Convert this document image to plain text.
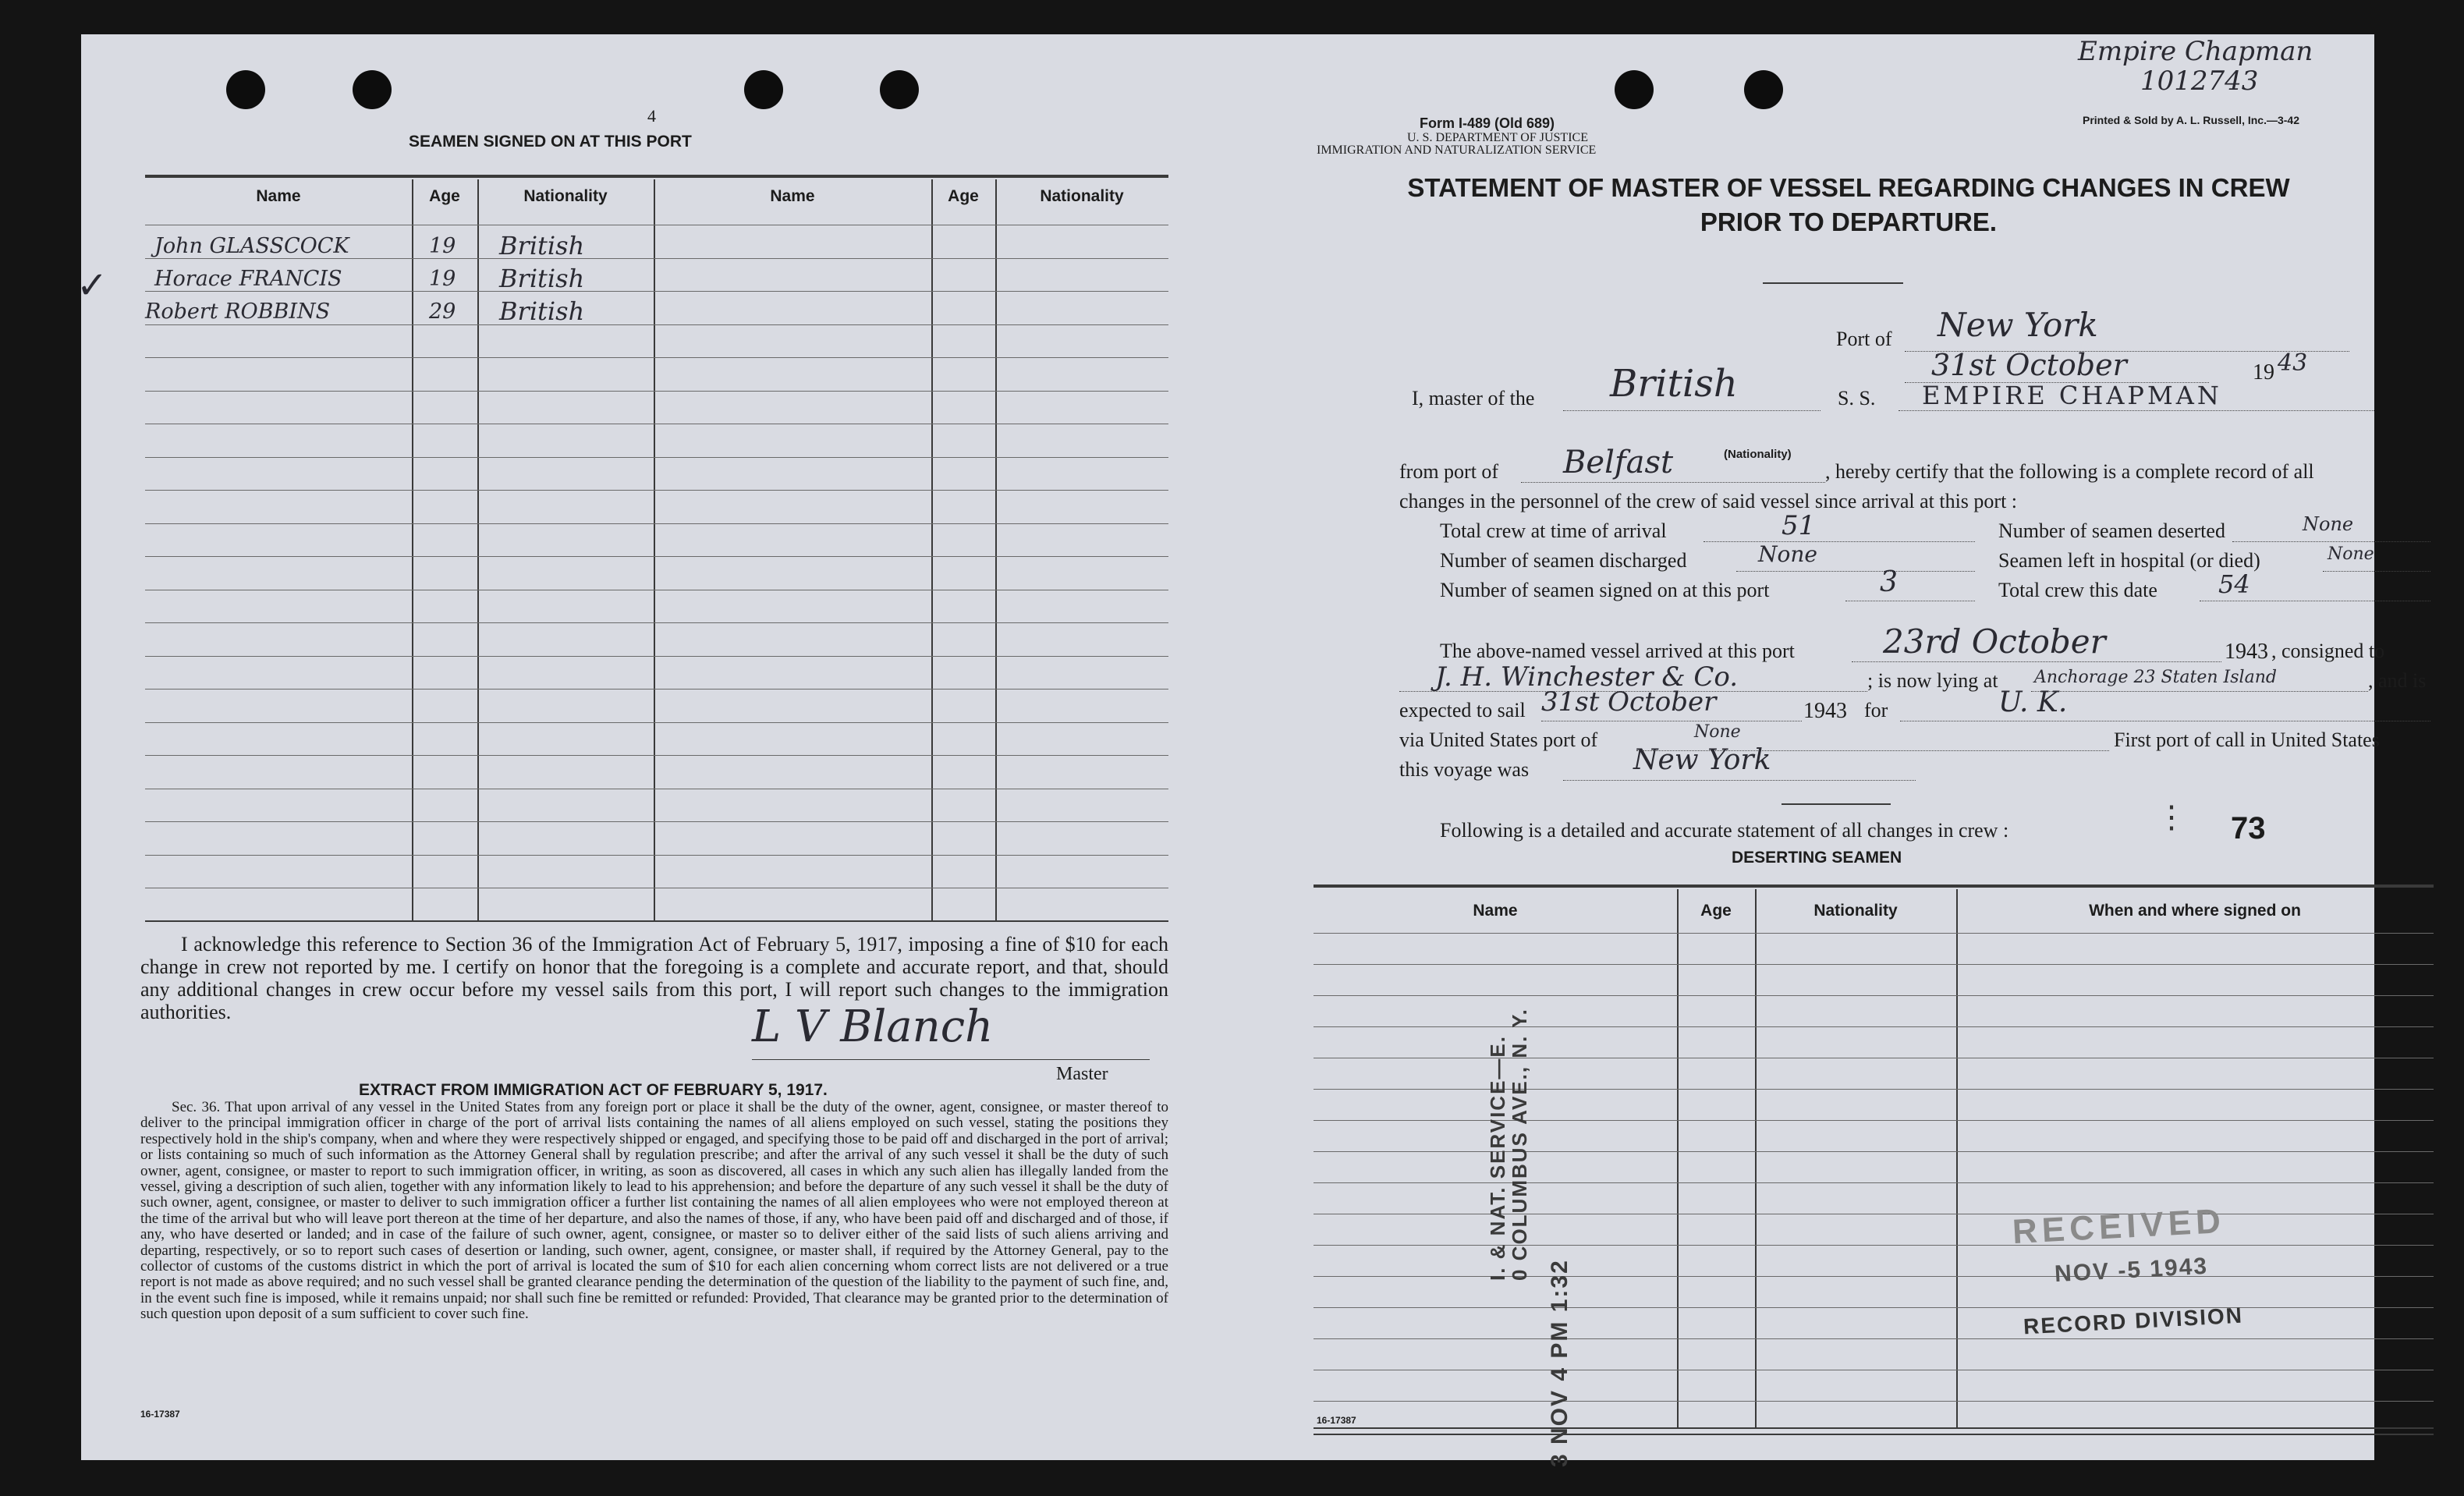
Empire Chapman
1012743
4
SEAMEN SIGNED ON AT THIS PORT
Name	Age	Nationality	Name	Age	Nationality
✓
John GLASSCOCK	19 British
Horace FRANCIS	19 British
Robert ROBBINS	29 British
I acknowledge this reference to Section 36 of the Immigration Act of February 5, 1917, imposing a fine of $10 for each change in crew not reported by me. I certify on honor that the foregoing is a complete and accurate report, and that, should any additional changes in crew occur before my vessel sails from this port, I will report such changes to the immigration authorities.	L V Blanch
Master
EXTRACT FROM IMMIGRATION ACT OF FEBRUARY 5, 1917.
Sec. 36. That upon arrival of any vessel in the United States from any foreign port or place it shall be the duty of the owner, agent, consignee, or master thereof to deliver to the principal immigration officer in charge of the port of arrival lists containing the names of all aliens employed on such vessel, stating the positions they respectively hold in the ship's company, when and where they were respectively shipped or engaged, and specifying those to be paid off and discharged in the port of arrival; or lists containing so much of such information as the Attorney General shall by regulation prescribe; and after the arrival of any such vessel it shall be the duty of such owner, agent, consignee, or master to report to such immigration officer, in writing, as soon as discovered, all cases in which any such alien has illegally landed from the vessel, giving a description of such alien, together with any information likely to lead to his apprehension; and before the departure of any such vessel it shall be the duty of such owner, agent, consignee, or master to deliver to such immigration officer a further list containing the names of all alien employees who were not employed thereon at the time of the arrival but who will leave port thereon at the time of her departure, and also the names of those, if any, who have been paid off and discharged and of those, if any, who have deserted or landed; and in case of the failure of such owner, agent, consignee, or master so to deliver either of the said lists of such aliens arriving and departing, respectively, or so to report such cases of desertion or landing, such owner, agent, consignee, or master shall, if required by the Attorney General, pay to the collector of customs of the customs district in which the port of arrival is located the sum of $10 for each alien concerning whom correct lists are not delivered or a true report is not made as above required; and no such vessel shall be granted clearance pending the determination of the question of the liability to the payment of such fine, and, in the event such fine is imposed, while it remains unpaid; nor shall such fine be remitted or refunded: Provided, That clearance may be granted prior to the determination of such question upon deposit of a sum sufficient to cover such fine.
16-17387
Form I-489 (Old 689)
U. S. DEPARTMENT OF JUSTICE
IMMIGRATION AND NATURALIZATION SERVICE
Printed & Sold by A. L. Russell, Inc.—3-42
STATEMENT OF MASTER OF VESSEL REGARDING CHANGES IN CREW
PRIOR TO DEPARTURE.
Port of New York
31st October	19 43
I, master of the British	S. S. EMPIRE CHAPMAN
from port of Belfast	(Nationality)
, hereby certify that the following is a complete record of all
changes in the personnel of the crew of said vessel since arrival at this port :
Total crew at time of arrival	51	Number of seamen deserted	None
Number of seamen discharged	None	Seamen left in hospital (or died)	None
Number of seamen signed on at this port	3	Total crew this date 54
The above-named vessel arrived at this port	23rd October	1943 , consigned to
J. H. Winchester & Co.	; is now lying at Anchorage 23 Staten Island	, and is
expected to sail 31st October	1943 for	U. K.
via United States port of	None	First port of call in United States
this voyage was	New York
Following is a detailed and accurate statement of all changes in crew :	⋮ 73
DESERTING SEAMEN
Name	Age	Nationality	When and where signed on
I. & NAT. SERVICE—E.
0 COLUMBUS AVE., N. Y.
3 NOV 4 PM 1:32
RECEIVED
NOV -5 1943
RECORD DIVISION
16-17387
